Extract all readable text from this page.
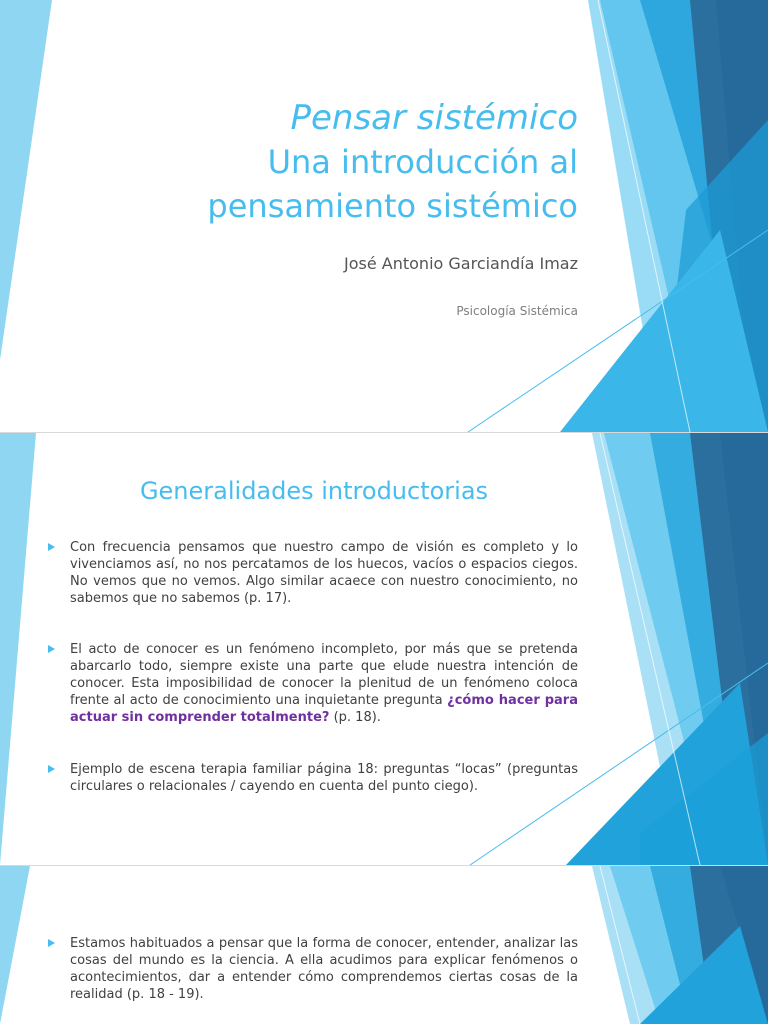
Pensar sistémico
Una introducción al
pensamiento sistémico
José Antonio Garciandía Imaz
Psicología Sistémica
Generalidades introductorias
Con frecuencia pensamos que nuestro campo de visión es completo y lo vivenciamos así, no nos percatamos de los huecos, vacíos o espacios ciegos. No vemos que no vemos. Algo similar acaece con nuestro conocimiento, no sabemos que no sabemos (p. 17).
El acto de conocer es un fenómeno incompleto, por más que se pretenda abarcarlo todo, siempre existe una parte que elude nuestra intención de conocer. Esta imposibilidad de conocer la plenitud de un fenómeno coloca frente al acto de conocimiento una inquietante pregunta ¿cómo hacer para actuar sin comprender totalmente? (p. 18).
Ejemplo de escena terapia familiar página 18: preguntas “locas” (preguntas circulares o relacionales / cayendo en cuenta del punto ciego).
Estamos habituados a pensar que la forma de conocer, entender, analizar las cosas del mundo es la ciencia. A ella acudimos para explicar fenómenos o acontecimientos, dar a entender cómo comprendemos ciertas cosas de la realidad (p. 18 - 19).
